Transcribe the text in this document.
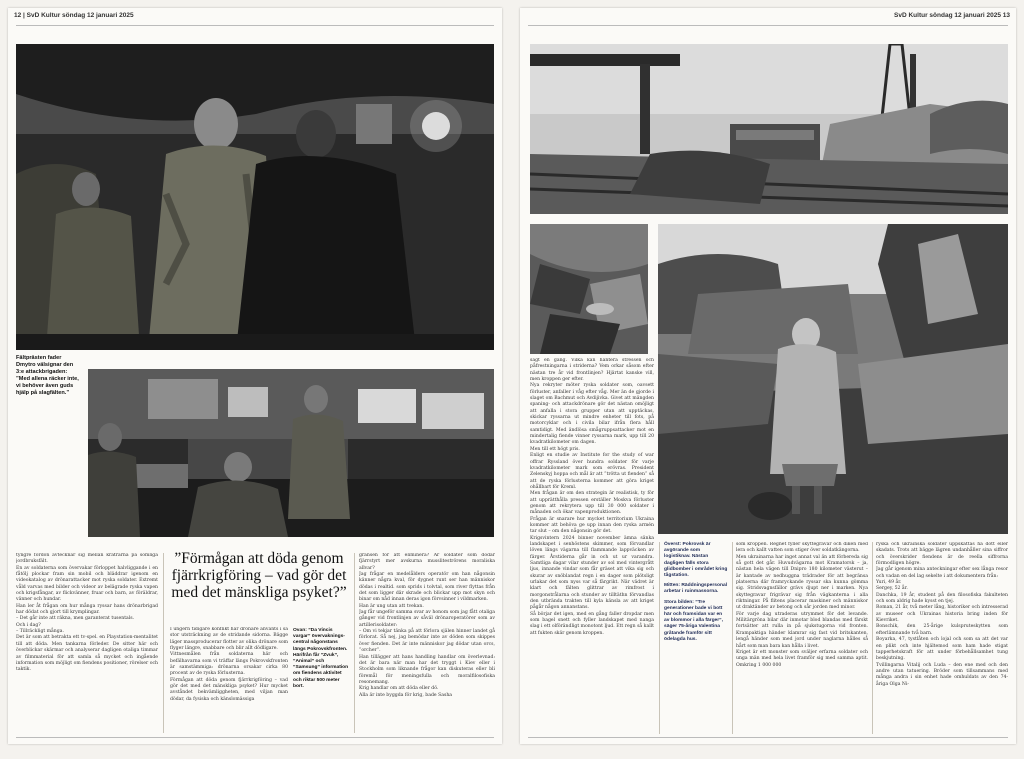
12 | SvD Kultur söndag 12 januari 2025
Fältprästen fader Dmytro välsignar den 3:e attackbrigaden: ”Med allena räcker inte, vi behöver även guds hjälp på slagfälten.”

tyngre fordon avtecknar sig mellan kratrarna på somliga jordbruksfält.

En av soldaterna som övervakar förloppet halvliggande i en fåtölj plockar fram sin mobil och bläddrar igenom en videokatalog av drönarattacker mot ryska soldater. Extremt våld varvas med bilder och videor av belägrade ryska vapen och krigsfångar, av flickvänner, fruar och barn, av föräldrar, vänner och hundar.

Han ler åt frågan om hur många ryssar hans drönarbrigad har dödat och gjort till krymplingar.

– Det går inte att räkna, men garanterat tusentals.

Och i dag?

– Tillräckligt många.

Det är som att betrakta ett tv-spel. en Playstation-mentalitet till att döda. Men tankarna förleder. De sitter här och överblickar skärmar och analyserar dagligen otaliga timmar av filmmaterial för att samla så mycket och ingående information som möjligt om fiendens positioner, rörelser och taktik.

”Förmågan att döda genom fjärrkrigföring – vad gör det med det mänskliga psyket?”

I ungern tidigare konflikt har drönare använts i så stor utsträckning av de stridande sidorna. Bägge läger massproducerar flotter av olika drönare som flyger längre, snabbare och blir allt dödligare.

Vittnesmålen från soldaterna här och befälhavarna som vi träffar längs Pokrovskfronten är samstämmiga: drönarna orsakar cirka 80 procent av de ryska förlusterna.

Förmågan att döda genom fjärrkrigföring – vad gör det med det mänskliga psyket? Hur mycket avståndet bekvämliggheten, med viljan man dödar, da fysiska och känslomässiga

Ovan: ”Da Vincis vargar” övervaknings-central någonstans längs Pokrovskfronten. Härifrån får ”Zvuk”, ”Animal” och ”Samsung” information om fiendens aktivitet och riktar 500 meter bort.

gränsen för att eliminera? Är soldater som dödar fjärrstyrt mer avskurna mussliteströrens moraliska allvar?

Jag frågar en medelålders operatör om han någonsin känner några kval, för dygnet runt ser han människor dödas i realtid. som sprids i tolvtal, som river flyttas från det som ligger där skrade och blickar upp mot skyn och binar om nåd innan deras igon förvsinner i vildmarken.

Han är ung utan att tvekan.

Jag får ungeför samma svar av honom som jag fått otaliga gånger vid frontlinjen av såväl drönaroperatörer som av artillerisoldater:

– Om vi tekjar tänka på att förlora själen hinner landet gå förlorat. Så nej, jag bemödar inte av döden som skippes över fienden. Det är inte människor jag dödar utan orcs, ”orcher”.

Han tillägger att hans handling handlar om överlevnad: det är bara när man har det tryggt i Kiev eller i Stockholm som liknande frågor kan diskuteras eller bli föremål för meningsfulla och moralfilosofiska resonemang.

Krig handlar om att döda eller dö.

Alla är inte byggda för krig, bade Sasha

SvD Kultur söndag 12 januari 2025 13

sagt en gång. Vilka kan hantera stressen och påfrestningarna i striderna? Vem orkar såsom efter nästan tre år vid frontlinjen? Hjärtat kanske vill, men kroppen ger efter.

Nya rekryter möter ryska soldater som, oavsett förluster, anfaller i våg efter våg. Mer än de gjorde i slaget om Bachmut och Avdijivka. Givet att mängden spaning- och attackdrönare gör det nästan omöjligt att anfalla i stora grupper utan att upptäckas, skickar ryssarna ut mindre enheter till fots, på motorcyklar och i civila bilar ifrån flera håll samtidigt. Med ändlösa smågruppsattacker mot en mindertalig fiende vinner ryssarna mark, upp till 20 kvadratkilometer om dagen.

Men till ett högt pris.

Enligt en studie av Institute for the study of war offrar Ryssland över hundra soldater för varje kvadratkilometer mark som erövras. President Zelenskyj hoppa och mål är att ”tröttа ut fienden” så att de ryska förlusterna kommer att göra kriget ohållbart för Kreml.

Men frågan är om den strategin är realistisk, ty för att upprätthålla pressen erställer Moskva förluster genom att rekrytera upp till 30 000 soldater i månaden och ökar vapenproduktionen.

Frågan är snarare hur mycket territorium Ukraina kommer att behöva ge upp innan den ryska armén tar slut – om den någonsin gör det.

Krigsvintern 2024 binner november ämna sänka landskapet i senhöstens skimmer, som förvandlar löven längs vägarna till flammande lappväcken av färger. Årstiderna går in och ut ur varandra. Samtliga dagar vilar stunder av sol med vintergrått ljus, innande vindar som får gräset att vika sig och skurar av snöblandat regn i en dager som plötsligt urlakar det som nyss var så färgrikt. När vädret är klart och fälten glittrar av rimfrost i morgonstrålarna och stunder av tilltäthn förvandlas den utbrända trakten till kyla känsla av att kriget pågår någon annanstans.

Så börjar det igen, med en gång faller dropdar men som bagel snett och fyller landskapet med nanga slag i ett olförändligt monotont ljud. Ett regn så kallt att fukten skär genom kroppen.

Överst: Pokrovsk är avgörande som logistiknav. Nästan dagligen fälls stora glidbomber i området kring tågstation.

Mitten: Räddningspersonal arbetar i ruinmassorna.

Stora bilden: ”Tre generationer bade vi bott här och framsidan var en av blommor i alla färger”, säger 75-åriga Valentina gråtande framför sitt ödelagda hus.

som kroppen. Regnet fyller skyttegravar och diken med lera och kallt vatten som stiger över soldatkängorna.

Men ukrainarna har inget annat val än att förbereda sig så gott det går. Huvudvägarna mot Kramatorsk – ja, nästan hela vägen till Dnipro 180 kilometer västerut – är kantade av nedhuggna trädrader för att begränsa platserna där framryckande ryssar ska kunna gömma sig. Stridsvagnsfällor grävs djupt ner i marken. Nya skyttegravar frigrävar sig från vägkanterna i alla riktningar. På flitens placerar maskiner och människor ut draktänder av betong och sår jorden med minor.

För varje dag utraderas utrymmet för det levande. Militärgröna bilar där inmotar blod blandas med färskt fortsätter att rulla in på sjukstugorna vid fronten. Krampaktiga händer klamrar sig fast vid britskanten, lengå händer som med jord under naglarna hålles så hårt som man bara kan hålla i livet.

Kriget är ett monster som sväljer erfarna soldater och unga män med hela livet framför sig med samma aptit. Omkring 1 000 000

ryska och ukrainska soldater uppskattas ha dött eller skadats. Trots att bägge lägren undanhåller sina siffror och överskrider fiendens är de reella siffrorna förmodligen högre.

Jag går igenom mina anteckningar efter sex långa resor och vadan en del lag sekelte i att dokumentera från:

Yuri, 49 år.

Sergey, 52 år.

Danchka, 19 år, student på den filosofiska fakulteten och som aldrig hade kysst en tjej.

Roman, 21 år, två meter lång, historiker och intresserad av museer och Ukrainas historia bring inden för Kievriket.

Bonschik, den 25-årige kulspruteskytten som efterlämnande två barn.

Boyarka, 47, tystlåten och lojal och som sa att det var en plikt och inte hjältemod som ham hade stigat tapperhetskraft för att under förbehållsamhet tung beskjutning.

Tvillingarna Vitalij och Luda – den ene med och den andre utan tatuering. Bröder som tillsammans med många andra i sin enhet hade omhuldats av den 74-åriga Olga Ni-
